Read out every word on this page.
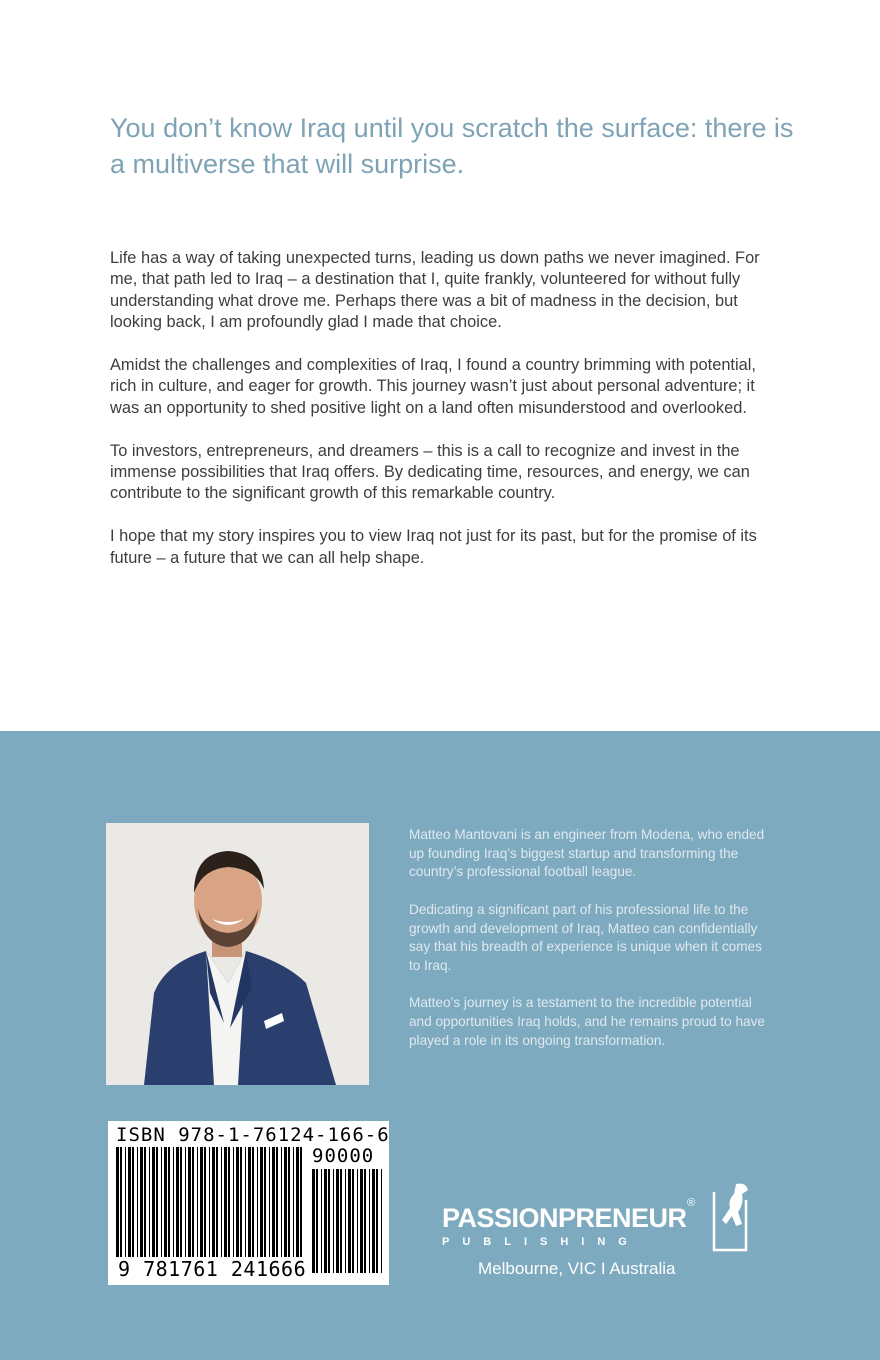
You don’t know Iraq until you scratch the surface: there is a multiverse that will surprise.

Life has a way of taking unexpected turns, leading us down paths we never imagined. For me, that path led to Iraq – a destination that I, quite frankly, volunteered for without fully understanding what drove me. Perhaps there was a bit of madness in the decision, but looking back, I am profoundly glad I made that choice.

Amidst the challenges and complexities of Iraq, I found a country brimming with potential, rich in culture, and eager for growth. This journey wasn’t just about personal adventure; it was an opportunity to shed positive light on a land often misunderstood and overlooked.

To investors, entrepreneurs, and dreamers – this is a call to recognize and invest in the immense possibilities that Iraq offers. By dedicating time, resources, and energy, we can contribute to the significant growth of this remarkable country.

I hope that my story inspires you to view Iraq not just for its past, but for the promise of its future – a future that we can all help shape.

Matteo Mantovani is an engineer from Modena, who ended up founding Iraq’s biggest startup and transforming the country’s professional football league.

Dedicating a significant part of his professional life to the growth and development of Iraq, Matteo can confidentially say that his breadth of experience is unique when it comes to Iraq.

Matteo’s journey is a testament to the incredible potential and opportunities Iraq holds, and he remains proud to have played a role in its ongoing transformation.

ISBN 978-1-76124-166-6
90000
9 781761 241666
PASSIONPRENEUR ®
PUBLISHING
Melbourne, VIC I Australia
